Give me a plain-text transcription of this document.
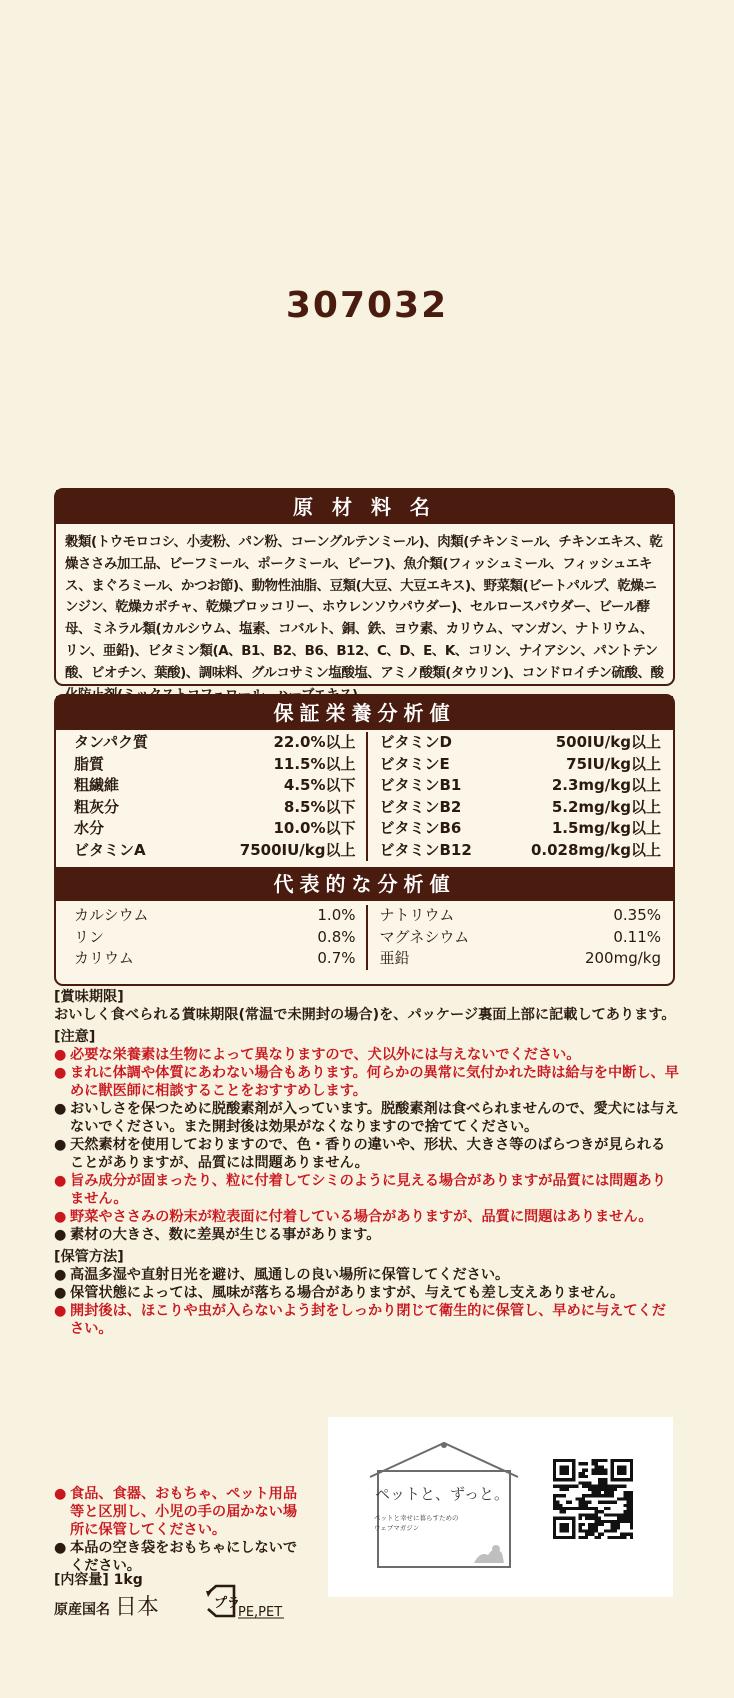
307032
原 材 料 名
穀類(トウモロコシ、小麦粉、パン粉、コーングルテンミール)、肉類(チキンミール、チキンエキス、乾燥ささみ加工品、ビーフミール、ポークミール、ビーフ)、魚介類(フィッシュミール、フィッシュエキス、まぐろミール、かつお節)、動物性油脂、豆類(大豆、大豆エキス)、野菜類(ビートパルプ、乾燥ニンジン、乾燥カボチャ、乾燥ブロッコリー、ホウレンソウパウダー)、セルロースパウダー、ビール酵母、ミネラル類(カルシウム、塩素、コバルト、銅、鉄、ヨウ素、カリウム、マンガン、ナトリウム、リン、亜鉛)、ビタミン類(A、B1、B2、B6、B12、C、D、E、K、コリン、ナイアシン、パントテン酸、ビオチン、葉酸)、調味料、グルコサミン塩酸塩、アミノ酸類(タウリン)、コンドロイチン硫酸、酸
保証栄養分析値
タンパク質	22.0%以上
脂質	11.5%以上
粗繊維	4.5%以下
粗灰分	8.5%以下
水分	10.0%以下
ビタミンA	7500IU/kg以上
ビタミンD	500IU/kg以上
ビタミンE	75IU/kg以上
ビタミンB1	2.3mg/kg以上
ビタミンB2	5.2mg/kg以上
ビタミンB6	1.5mg/kg以上
ビタミンB12	0.028mg/kg以上
代表的な分析値
カルシウム	1.0%
リン	0.8%
カリウム	0.7%
ナトリウム	0.35%
マグネシウム	0.11%
亜鉛	200mg/kg
[賞味期限]
おいしく食べられる賞味期限(常温で未開封の場合)を、パッケージ裏面上部に記載してあります。
[注意]
● 必要な栄養素は生物によって異なりますので、犬以外には与えないでください。
● まれに体調や体質にあわない場合もあります。何らかの異常に気付かれた時は給与を中断し、早めに獣医師に相談することをおすすめします。
● おいしさを保つために脱酸素剤が入っています。脱酸素剤は食べられませんので、愛犬には与えないでください。また開封後は効果がなくなりますので捨ててください。
● 天然素材を使用しておりますので、色・香りの違いや、形状、大きさ等のばらつきが見られることがありますが、品質には問題ありません。
● 旨み成分が固まったり、粒に付着してシミのように見える場合がありますが品質には問題ありません。
● 野菜やささみの粉末が粒表面に付着している場合がありますが、品質に問題はありません。
● 素材の大きさ、数に差異が生じる事があります。
[保管方法]
● 高温多湿や直射日光を避け、風通しの良い場所に保管してください。
● 保管状態によっては、風味が落ちる場合がありますが、与えても差し支えありません。
● 開封後は、ほこりや虫が入らないよう封をしっかり閉じて衛生的に保管し、早めに与えてください。
● 食品、食器、おもちゃ、ペット用品等と区別し、小児の手の届かない場所に保管してください。
● 本品の空き袋をおもちゃにしないでください。
[内容量] 1kg
原産国名 日本	プラ
PE,PET
ペットと、ずっと。
ペットと幸せに暮らすための
ウェブマガジン
